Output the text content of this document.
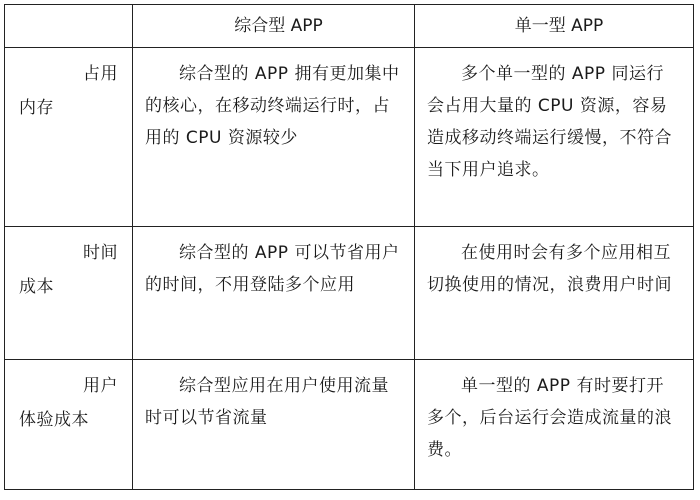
	综合型 APP	单一型 APP

占用
内存	综合型的 APP 拥有更加集中的核心，在移动终端运行时，占用的 CPU 资源较少	多个单一型的 APP 同运行会占用大量的 CPU 资源，容易造成移动终端运行缓慢，不符合当下用户追求。

时间
成本	综合型的 APP 可以节省用户的时间，不用登陆多个应用	在使用时会有多个应用相互切换使用的情况，浪费用户时间

用户
体验成本	综合型应用在用户使用流量时可以节省流量	单一型的 APP 有时要打开多个，后台运行会造成流量的浪费。
